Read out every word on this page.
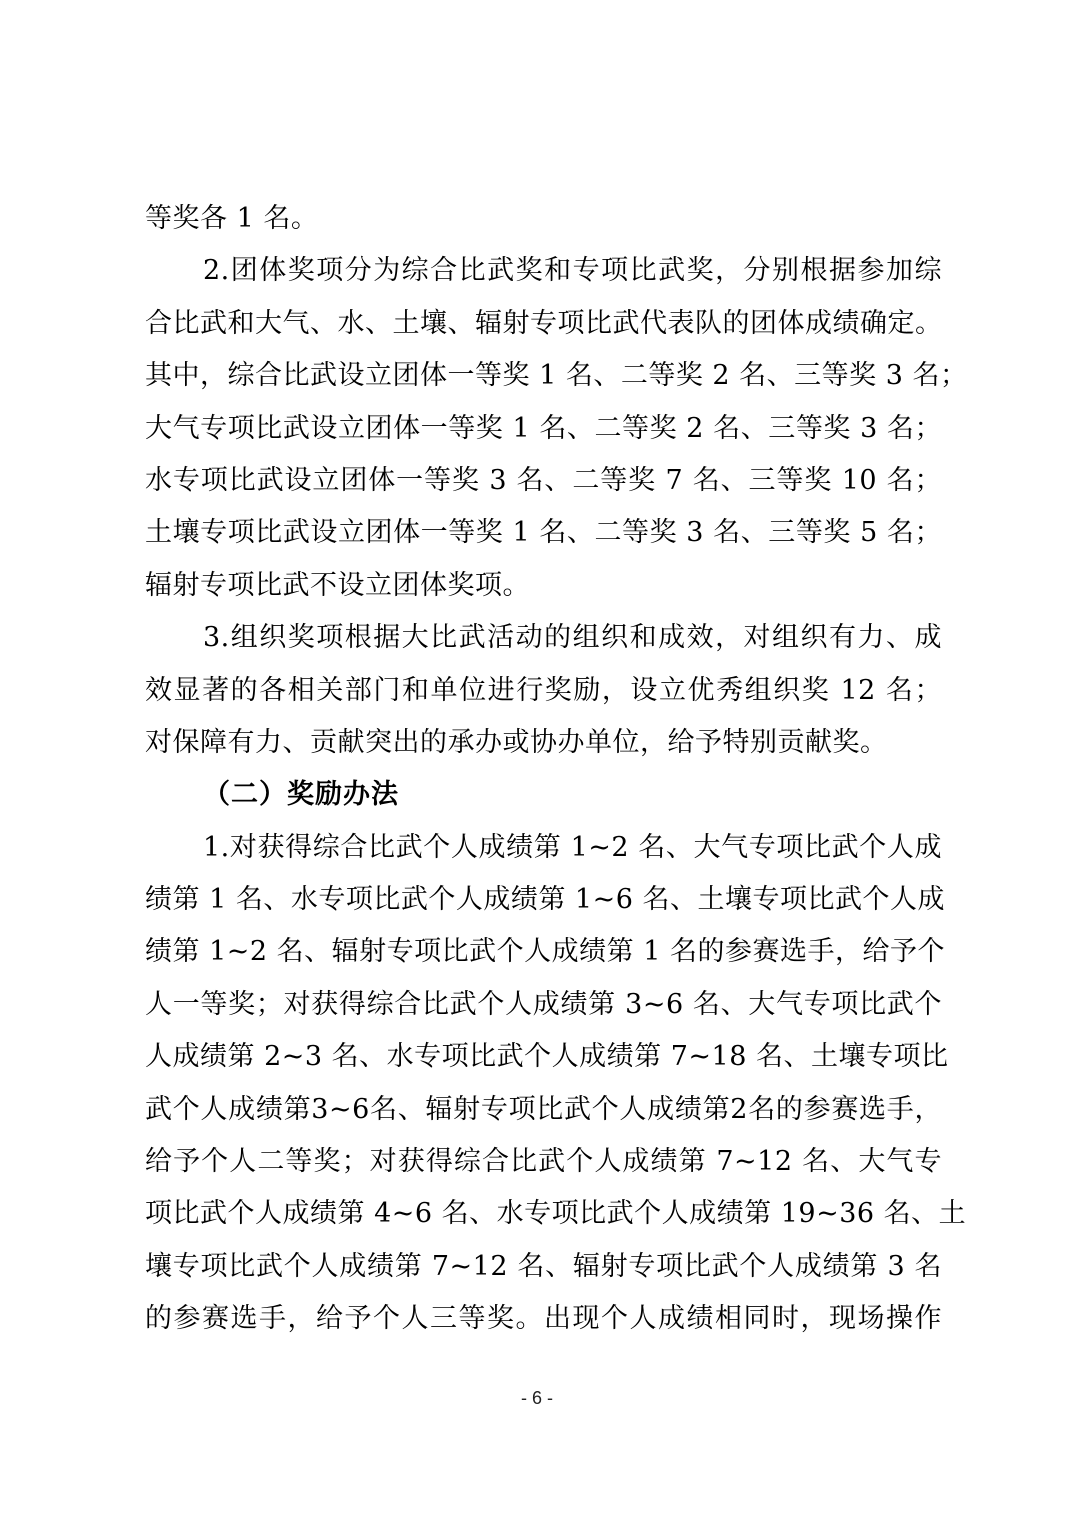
等奖各 1 名。
2.团体奖项分为综合比武奖和专项比武奖，分别根据参加综
合比武和大气、水、土壤、辐射专项比武代表队的团体成绩确定。
其中，综合比武设立团体一等奖 1 名、二等奖 2 名、三等奖 3 名；
大气专项比武设立团体一等奖 1 名、二等奖 2 名、三等奖 3 名；
水专项比武设立团体一等奖 3 名、二等奖 7 名、三等奖 10 名；
土壤专项比武设立团体一等奖 1 名、二等奖 3 名、三等奖 5 名；
辐射专项比武不设立团体奖项。
3.组织奖项根据大比武活动的组织和成效，对组织有力、成
效显著的各相关部门和单位进行奖励，设立优秀组织奖 12 名；
对保障有力、贡献突出的承办或协办单位，给予特别贡献奖。
（二）奖励办法
1.对获得综合比武个人成绩第 1~2 名、大气专项比武个人成
绩第 1 名、水专项比武个人成绩第 1~6 名、土壤专项比武个人成
绩第 1~2 名、辐射专项比武个人成绩第 1 名的参赛选手，给予个
人一等奖；对获得综合比武个人成绩第 3~6 名、大气专项比武个
人成绩第 2~3 名、水专项比武个人成绩第 7~18 名、土壤专项比
武个人成绩第3~6名、辐射专项比武个人成绩第2名的参赛选手，
给予个人二等奖；对获得综合比武个人成绩第 7~12 名、大气专
项比武个人成绩第 4~6 名、水专项比武个人成绩第 19~36 名、土
壤专项比武个人成绩第 7~12 名、辐射专项比武个人成绩第 3 名
的参赛选手，给予个人三等奖。出现个人成绩相同时，现场操作
- 6 -
